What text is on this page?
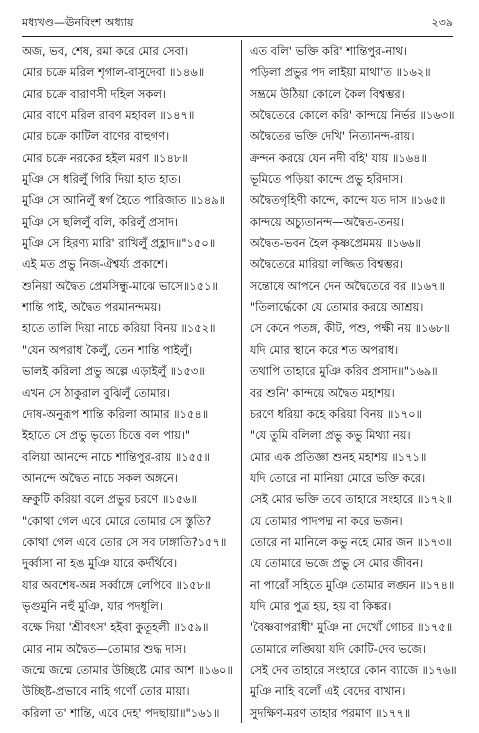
মধ্যখণ্ড—ঊনবিংশ অধ্যায়	২৩৯
অজ, ভব, শেষ, রমা করে মোর সেবা।
মোর চক্রে মরিল শৃগাল-বাসুদেবা ॥১৪৬॥
মোর চক্রে বারাণসী দহিল সকল।
মোর বাণে মরিল রাবণ মহাবল ॥১৪৭॥
মোর চক্রে কাটিল বাণের বাহুগণ।
মোর চক্রে নরকের হইল মরণ ॥১৪৮॥
মুঞি সে ধরিলুঁ গিরি দিয়া হাত হাত।
মুঞি সে আনিলুঁ স্বর্গ হৈতে পারিজাত ॥১৪৯॥
মুঞি সে ছলিলুঁ বলি, করিলুঁ প্রসাদ।
মুঞি সে হিরণ্য মারি' রাখিলুঁ প্রহ্লাদ॥"১৫০॥
এই মত প্রভু নিজ-ঐশ্বর্য্য প্রকাশে।
শুনিয়া অদ্বৈত প্রেমসিন্ধু-মাঝে ভাসে॥১৫১॥
শান্তি পাই, অদ্বৈত পরমানন্দময়।
হাতে তালি দিয়া নাচে করিয়া বিনয় ॥১৫২॥
"যেন অপরাধ কৈলুঁ, তেন শান্তি পাইলুঁ।
ভালই করিলা প্রভু অল্পে এড়াইলুঁ ॥১৫৩॥
এখন সে ঠাকুরাল বুঝিলুঁ তোমার।
দোষ-অনুরূপ শান্তি করিলা আমার ॥১৫৪॥
ইহাতে সে প্রভু ভৃত্যে চিত্তে বল পায়।"
বলিয়া আনন্দে নাচে শান্তিপুর-রায় ॥১৫৫॥
আনন্দে অদ্বৈত নাচে সকল অঙ্গনে।
ভ্রুকুটি করিয়া বলে প্রভুর চরণে ॥১৫৬॥
"কোথা গেল এবে মোরে তোমার সে স্তুতি?
কোথা গেল এবে তোর সে সব ঢাঙ্গাতি?১৫৭॥
দুর্ব্বাসা না হঙ মুঞি যারে কর্দর্থিবে।
যার অবশেষ-অন্ন সর্ব্বাঙ্গে লেপিবে ॥১৫৮॥
ভৃগুমুনি নহুঁ মুঞি, যার পদধূলি।
বক্ষে দিয়া 'শ্রীবৎস' হইবা কুতূহলী ॥১৫৯॥
মোর নাম অদ্বৈত—তোমার শুদ্ধ দাস।
জন্মে জন্মে তোমার উচ্ছিষ্টে মোর আশ ॥১৬০॥
উচ্ছিষ্ট-প্রভাবে নাহি গণোঁ তোর মায়া।
করিলা ত' শান্তি, এবে দেহ' পদছায়া॥"১৬১॥
এত বলি' ভক্তি করি' শান্তিপুর-নাথ।
পড়িলা প্রভুর পদ লাইয়া মাথা'ত ॥১৬২॥
সম্ভ্রমে উঠিয়া কোলে কৈল বিশ্বম্ভর।
অদ্বৈতেরে কোলে করি' কান্দয়ে নির্ভর ॥১৬৩॥
অদ্বৈতের ভক্তি দেখি' নিত্যানন্দ-রায়।
ক্রন্দন করয়ে যেন নদী বহি' যায় ॥১৬৪॥
ভূমিতে পড়িয়া কান্দে প্রভু হরিদাস।
অদ্বৈতগৃহিণী কান্দে, কান্দে যত দাস ॥১৬৫॥
কান্দয়ে অচ্যুতানন্দ—অদ্বৈত-তনয়।
অদ্বৈত-ভবন হৈল কৃষ্ণপ্রেমময় ॥১৬৬॥
অদ্বৈতেরে মারিয়া লজ্জিত বিশ্বম্ভর।
সন্তোষে আপনে দেন অদ্বৈতেরে বর ॥১৬৭॥
"তিলার্দ্ধেকো যে তোমার করয়ে আশ্রয়।
সে কেনে পতঙ্গ, কীট, পশু, পক্ষী নয় ॥১৬৮॥
যদি মোর স্থানে করে শত অপরাধ।
তথাপি তাহারে মুঞি করিব প্রসাদ॥"১৬৯॥
বর শুনি' কান্দয়ে অদ্বৈত মহাশয়।
চরণে ধরিয়া কহে করিয়া বিনয় ॥১৭০॥
"যে তুমি বলিলা প্রভু কভু মিথ্যা নয়।
মোর এক প্রতিজ্ঞা শুনহ মহাশয় ॥১৭১॥
যদি তোরে না মানিয়া মোরে ভক্তি করে।
সেই মোর ভক্তি তবে তাহারে সংহারে ॥১৭২॥
যে তোমার পাদপদ্ম না করে ভজন।
তোরে না মানিলে কভু নহে মোর জন ॥১৭৩॥
যে তোমারে ভজে প্রভু সে মোর জীবন।
না পারোঁ সহিতে মুঞি তোমার লঙ্ঘন ॥১৭৪॥
যদি মোর পুত্র হয়, হয় বা কিঙ্কর।
'বৈষ্ণবাপরাধী' মুঞি না দেখোঁ গোচর ॥১৭৫॥
তোমারে লঙ্ঘিয়া যদি কোটি-দেব ভজে।
সেই দেব তাহারে সংহারে কোন ব্যাজে ॥১৭৬॥
মুঞি নাহি বলোঁ এই বেদের বাখান।
সুদক্ষিণ-মরণ তাহার পরমাণ ॥১৭৭॥
